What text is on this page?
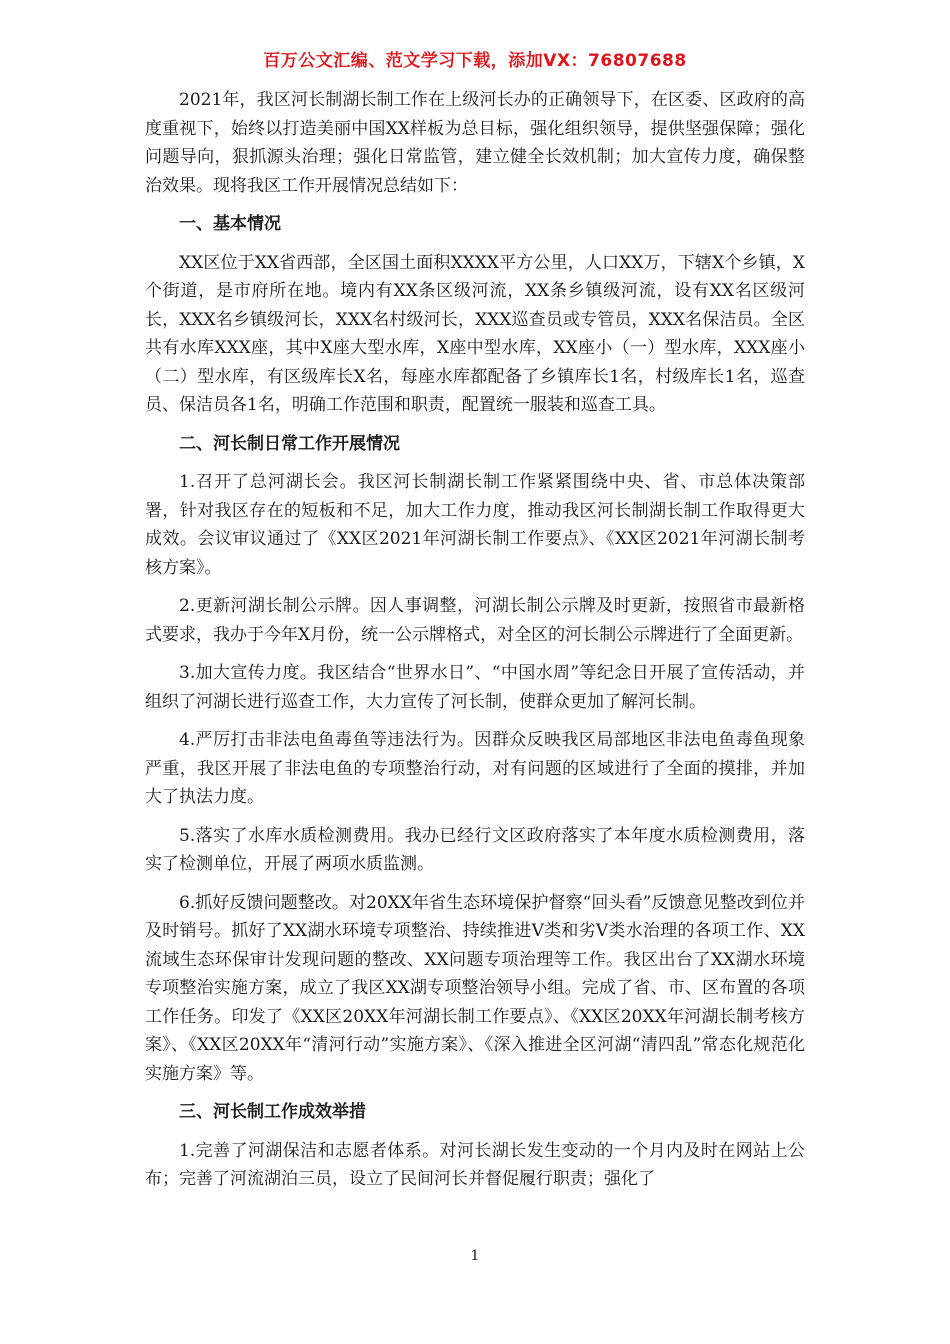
百万公文汇编、范文学习下载，添加VX：76807688

2021年，我区河长制湖长制工作在上级河长办的正确领导下，在区委、区政府的高度重视下，始终以打造美丽中国XX样板为总目标，强化组织领导，提供坚强保障；强化问题导向，狠抓源头治理；强化日常监管，建立健全长效机制；加大宣传力度，确保整治效果。现将我区工作开展情况总结如下：

一、基本情况

XX区位于XX省西部，全区国土面积XXXX平方公里，人口XX万，下辖X个乡镇，X个街道，是市府所在地。境内有XX条区级河流，XX条乡镇级河流，设有XX名区级河长，XXX名乡镇级河长，XXX名村级河长，XXX巡查员或专管员，XXX名保洁员。全区共有水库XXX座，其中X座大型水库，X座中型水库，XX座小（一）型水库，XXX座小（二）型水库，有区级库长X名，每座水库都配备了乡镇库长1名，村级库长1名，巡查员、保洁员各1名，明确工作范围和职责，配置统一服装和巡查工具。

二、河长制日常工作开展情况

1.召开了总河湖长会。我区河长制湖长制工作紧紧围绕中央、省、市总体决策部署，针对我区存在的短板和不足，加大工作力度，推动我区河长制湖长制工作取得更大成效。会议审议通过了《XX区2021年河湖长制工作要点》、《XX区2021年河湖长制考核方案》。

2.更新河湖长制公示牌。因人事调整，河湖长制公示牌及时更新，按照省市最新格式要求，我办于今年X月份，统一公示牌格式，对全区的河长制公示牌进行了全面更新。

3.加大宣传力度。我区结合“世界水日”、“中国水周”等纪念日开展了宣传活动，并组织了河湖长进行巡查工作，大力宣传了河长制，使群众更加了解河长制。

4.严厉打击非法电鱼毒鱼等违法行为。因群众反映我区局部地区非法电鱼毒鱼现象严重，我区开展了非法电鱼的专项整治行动，对有问题的区域进行了全面的摸排，并加大了执法力度。

5.落实了水库水质检测费用。我办已经行文区政府落实了本年度水质检测费用，落实了检测单位，开展了两项水质监测。

6.抓好反馈问题整改。对20XX年省生态环境保护督察“回头看”反馈意见整改到位并及时销号。抓好了XX湖水环境专项整治、持续推进Ⅴ类和劣Ⅴ类水治理的各项工作、XX流域生态环保审计发现问题的整改、XX问题专项治理等工作。我区出台了XX湖水环境专项整治实施方案，成立了我区XX湖专项整治领导小组。完成了省、市、区布置的各项工作任务。印发了《XX区20XX年河湖长制工作要点》、《XX区20XX年河湖长制考核方案》、《XX区20XX年“清河行动”实施方案》、《深入推进全区河湖“清四乱”常态化规范化实施方案》等。

三、河长制工作成效举措

1.完善了河湖保洁和志愿者体系。对河长湖长发生变动的一个月内及时在网站上公布；完善了河流湖泊三员，设立了民间河长并督促履行职责；强化了

1
